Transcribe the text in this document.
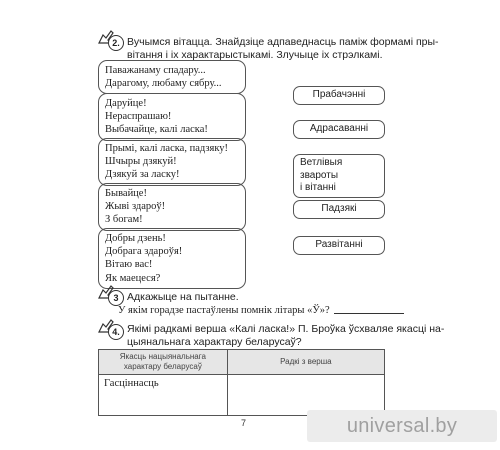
2. Вучымся вітацца. Знайдзіце адпаведнасць паміж формамі пры-
вітання і іх характарыстыкамі. Злучыце іх стрэлкамі.
Паважанаму спадару...
Дарагому, любаму сябру...
Даруйце!
Нераспрашаю!
Выбачайце, калі ласка!
Прымі, калі ласка, падзяку!
Шчыры дзякуй!
Дзякуй за ласку!
Бывайце!
Жыві здароў!
З богам!
Добры дзень!
Добрага здароўя!
Вітаю вас!
Як маецеся?
Прабачэнні
Адрасаванні
Ветлівыя звароты
і вітанні
Падзякі
Развітанні
3 Адкажыце на пытанне.
У якім горадзе пастаўлены помнік літары «Ў»?
4. Якімі радкамі верша «Калі ласка!» П. Броўка ўсхваляе якасці на-
цыянальнага характару беларусаў?
Якасць нацыянальнага характару беларусаў	Радкі з верша
Гасціннасць	
7	universal.by
